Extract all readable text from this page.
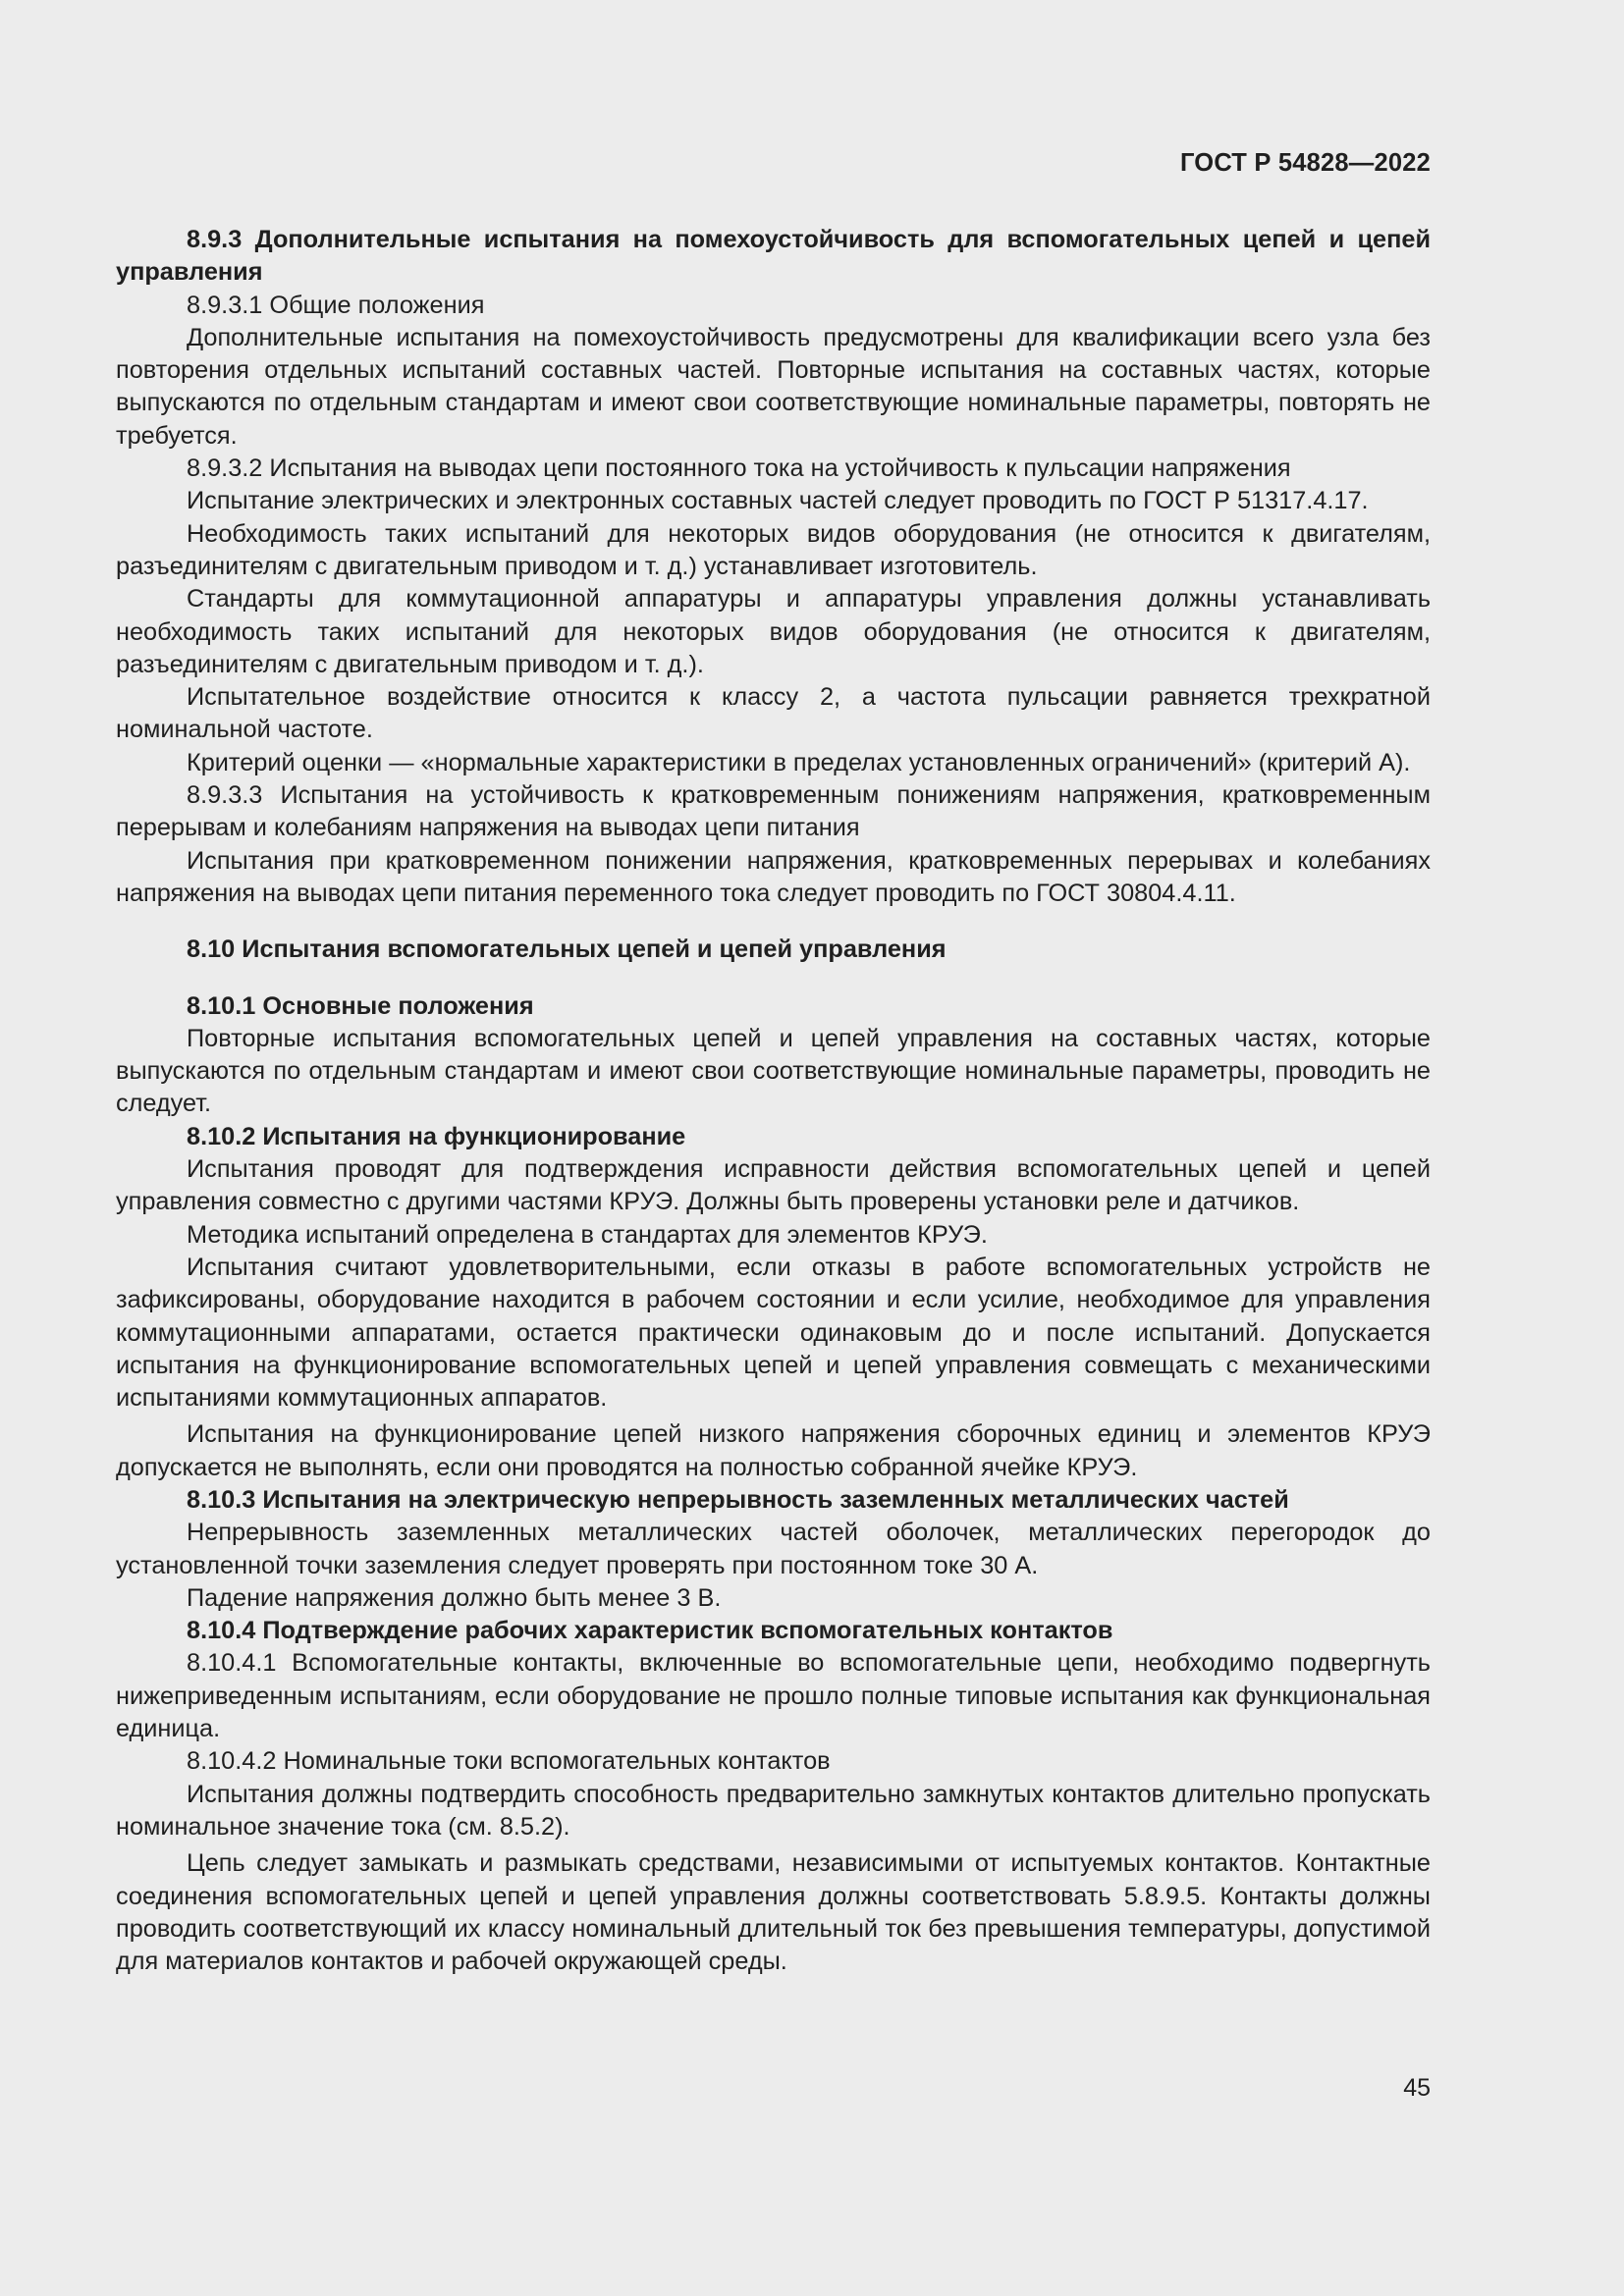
ГОСТ Р 54828—2022

8.9.3 Дополнительные испытания на помехоустойчивость для вспомогательных цепей и цепей управления

8.9.3.1 Общие положения

Дополнительные испытания на помехоустойчивость предусмотрены для квалификации всего узла без повторения отдельных испытаний составных частей. Повторные испытания на составных частях, которые выпускаются по отдельным стандартам и имеют свои соответствующие номинальные параметры, повторять не требуется.

8.9.3.2 Испытания на выводах цепи постоянного тока на устойчивость к пульсации напряжения

Испытание электрических и электронных составных частей следует проводить по ГОСТ Р 51317.4.17.

Необходимость таких испытаний для некоторых видов оборудования (не относится к двигателям, разъединителям с двигательным приводом и т. д.) устанавливает изготовитель.

Стандарты для коммутационной аппаратуры и аппаратуры управления должны устанавливать необходимость таких испытаний для некоторых видов оборудования (не относится к двигателям, разъединителям с двигательным приводом и т. д.).

Испытательное воздействие относится к классу 2, а частота пульсации равняется трехкратной номинальной частоте.

Критерий оценки — «нормальные характеристики в пределах установленных ограничений» (критерий А).

8.9.3.3 Испытания на устойчивость к кратковременным понижениям напряжения, кратковременным перерывам и колебаниям напряжения на выводах цепи питания

Испытания при кратковременном понижении напряжения, кратковременных перерывах и колебаниях напряжения на выводах цепи питания переменного тока следует проводить по ГОСТ 30804.4.11.

8.10 Испытания вспомогательных цепей и цепей управления

8.10.1 Основные положения

Повторные испытания вспомогательных цепей и цепей управления на составных частях, которые выпускаются по отдельным стандартам и имеют свои соответствующие номинальные параметры, проводить не следует.

8.10.2 Испытания на функционирование

Испытания проводят для подтверждения исправности действия вспомогательных цепей и цепей управления совместно с другими частями КРУЭ. Должны быть проверены установки реле и датчиков.

Методика испытаний определена в стандартах для элементов КРУЭ.

Испытания считают удовлетворительными, если отказы в работе вспомогательных устройств не зафиксированы, оборудование находится в рабочем состоянии и если усилие, необходимое для управления коммутационными аппаратами, остается практически одинаковым до и после испытаний. Допускается испытания на функционирование вспомогательных цепей и цепей управления совмещать с механическими испытаниями коммутационных аппаратов.

Испытания на функционирование цепей низкого напряжения сборочных единиц и элементов КРУЭ допускается не выполнять, если они проводятся на полностью собранной ячейке КРУЭ.

8.10.3 Испытания на электрическую непрерывность заземленных металлических частей

Непрерывность заземленных металлических частей оболочек, металлических перегородок до установленной точки заземления следует проверять при постоянном токе 30 А.

Падение напряжения должно быть менее 3 В.

8.10.4 Подтверждение рабочих характеристик вспомогательных контактов

8.10.4.1 Вспомогательные контакты, включенные во вспомогательные цепи, необходимо подвергнуть нижеприведенным испытаниям, если оборудование не прошло полные типовые испытания как функциональная единица.

8.10.4.2 Номинальные токи вспомогательных контактов

Испытания должны подтвердить способность предварительно замкнутых контактов длительно пропускать номинальное значение тока (см. 8.5.2).

Цепь следует замыкать и размыкать средствами, независимыми от испытуемых контактов. Контактные соединения вспомогательных цепей и цепей управления должны соответствовать 5.8.9.5. Контакты должны проводить соответствующий их классу номинальный длительный ток без превышения температуры, допустимой для материалов контактов и рабочей окружающей среды.

45
